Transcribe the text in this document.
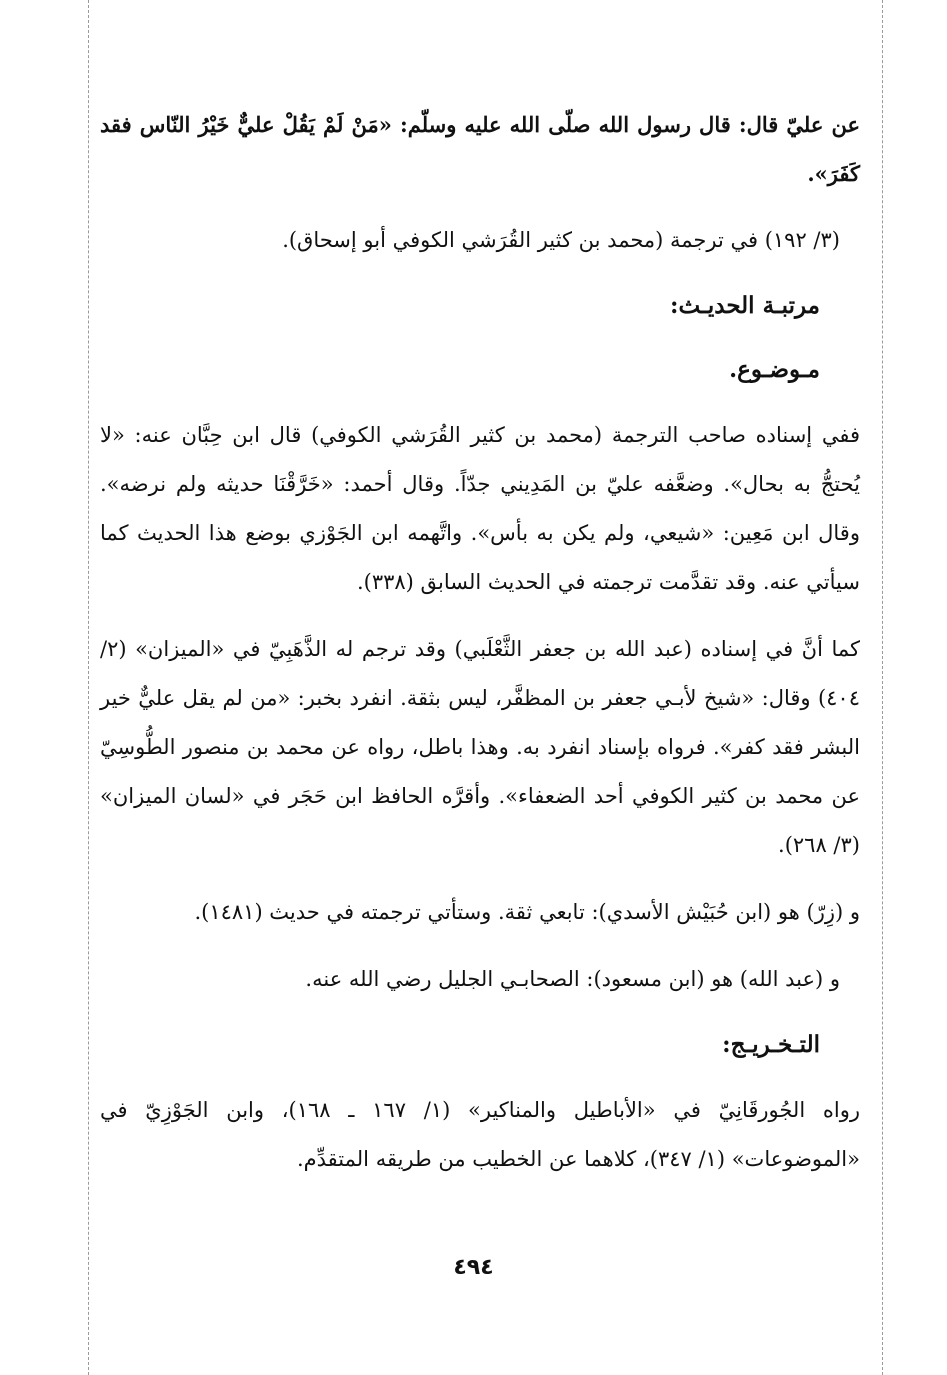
عن عليّ قال: قال رسول الله صلّى الله عليه وسلّم: «مَنْ لَمْ يَقُلْ عليٌّ خَيْرُ النّاس فقد كَفَرَ».

(٣/ ١٩٢) في ترجمة (محمد بن كثير القُرَشي الكوفي أبو إسحاق).

مرتبـة الحديـث:

مـوضـوع.

ففي إسناده صاحب الترجمة (محمد بن كثير القُرَشي الكوفي) قال ابن حِبَّان عنه: «لا يُحتجُّ به بحال». وضعَّفه عليّ بن المَدِيني جدّاً. وقال أحمد: «خَرَّقْنَا حديثه ولم نرضه». وقال ابن مَعِين: «شيعي، ولم يكن به بأس». واتَّهمه ابن الجَوْزي بوضع هذا الحديث كما سيأتي عنه. وقد تقدَّمت ترجمته في الحديث السابق (٣٣٨).

كما أنَّ في إسناده (عبد الله بن جعفر الثَّعْلَبي) وقد ترجم له الذَّهَبِيّ في «الميزان» (٢/ ٤٠٤) وقال: «شيخ لأبـي جعفر بن المظفَّر، ليس بثقة. انفرد بخبر: «من لم يقل عليٌّ خير البشر فقد كفر». فرواه بإسناد انفرد به. وهذا باطل، رواه عن محمد بن منصور الطُّوسِيّ عن محمد بن كثير الكوفي أحد الضعفاء». وأقرَّه الحافظ ابن حَجَر في «لسان الميزان» (٣/ ٢٦٨).

و (زِرّ) هو (ابن حُبَيْش الأسدي): تابعي ثقة. وستأتي ترجمته في حديث (١٤٨١).

و (عبد الله) هو (ابن مسعود): الصحابـي الجليل رضي الله عنه.

التـخـريـج:

رواه الجُورقَانِيّ في «الأباطيل والمناكير» (١/ ١٦٧ ـ ١٦٨)، وابن الجَوْزِيّ في «الموضوعات» (١/ ٣٤٧)، كلاهما عن الخطيب من طريقه المتقدِّم.

٤٩٤
